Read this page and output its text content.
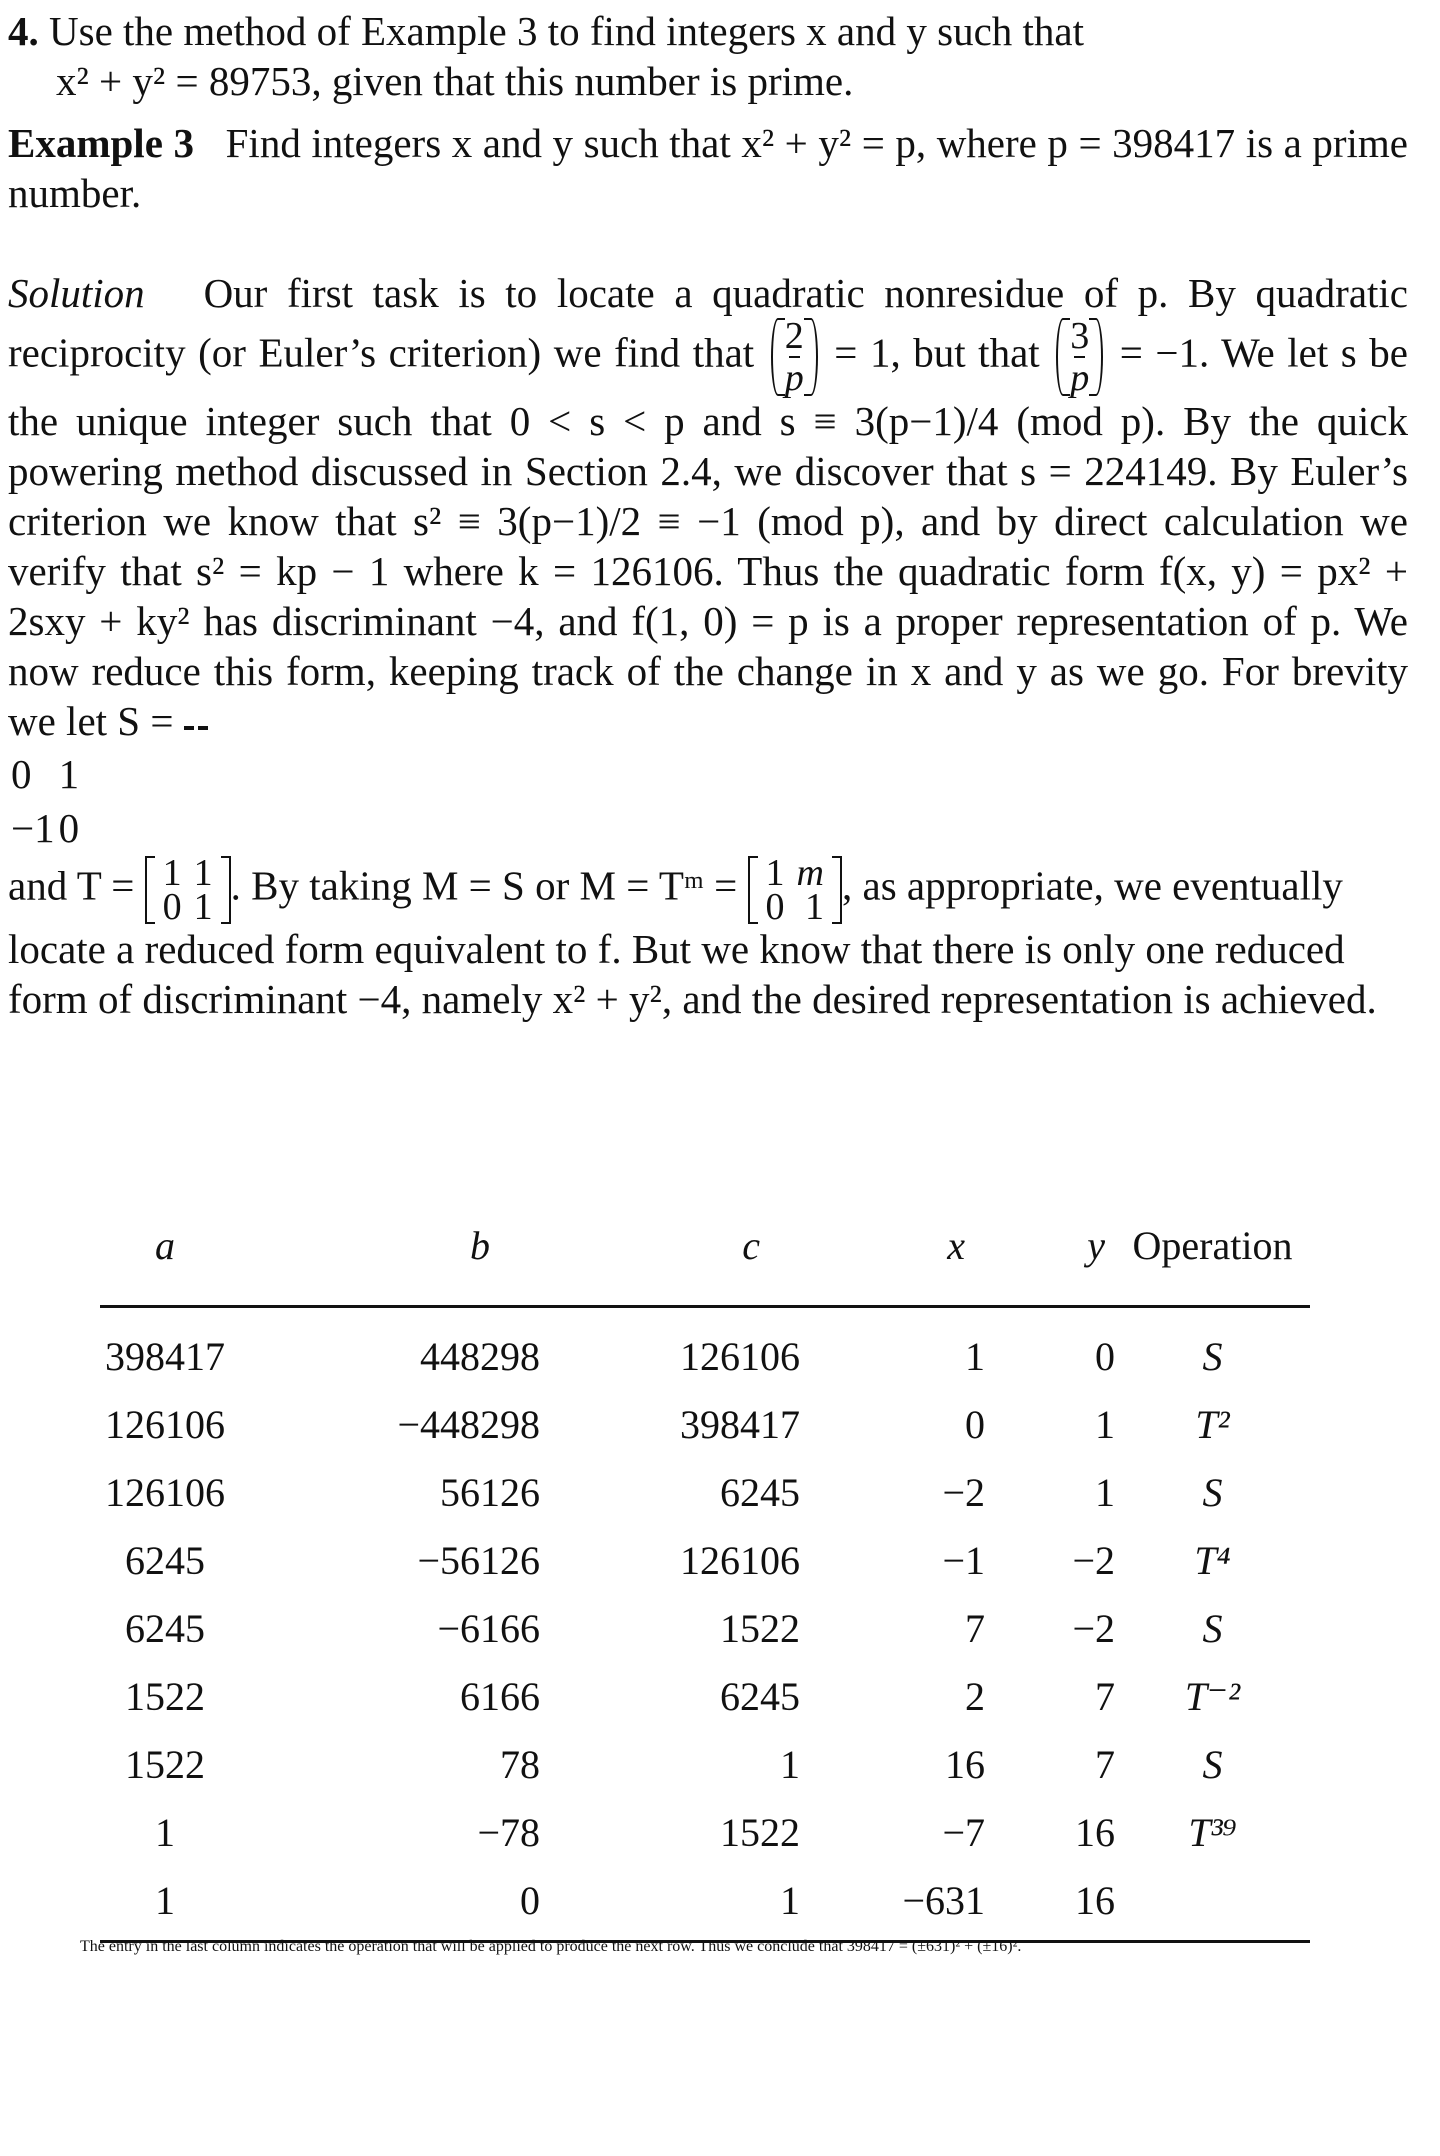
4. Use the method of Example 3 to find integers x and y such that
x² + y² = 89753, given that this number is prime.

Example 3 Find integers x and y such that x² + y² = p, where p = 398417 is a prime number.

Solution Our first task is to locate a quadratic nonresidue of p. By quadratic reciprocity (or Euler’s criterion) we find that $\frac{2}{p} = 1$, but that $\frac{3}{p} = -1$. We let s be the unique integer such that 0 < s < p and s ≡ 3(p−1)/4 (mod p). By the quick powering method discussed in Section 2.4, we discover that s = 224149. By Euler’s criterion we know that s² ≡ 3(p−1)/2 ≡ −1 (mod p), and by direct calculation we verify that s² = kp − 1 where k = 126106. Thus the quadratic form f(x, y) = px² + 2sxy + ky² has discriminant −4, and f(1, 0) = p is a proper representation of p. We now reduce this form, keeping track of the change in x and y as we go. For brevity we let S =

0	1
−1	0
and T = 1	1
0	1 . By taking M = S or M = Tᵐ = 1	m
0	1 , as appropriate, we eventually locate a reduced form equivalent to f. But we know that there is only one reduced form of discriminant −4, namely x² + y², and the desired representation is achieved.

a	b	c	x	y	Operation
398417	448298	126106	1	0	S
126106	−448298	398417	0	1	T²
126106	56126	6245	−2	1	S
6245	−56126	126106	−1	−2	T⁴
6245	−6166	1522	7	−2	S
1522	6166	6245	2	7	T⁻²
1522	78	1	16	7	S
1	−78	1522	−7	16	T³⁹
1	0	1	−631	16	

The entry in the last column indicates the operation that will be applied to produce the next row. Thus we conclude that 398417 = (±631)² + (±16)².
